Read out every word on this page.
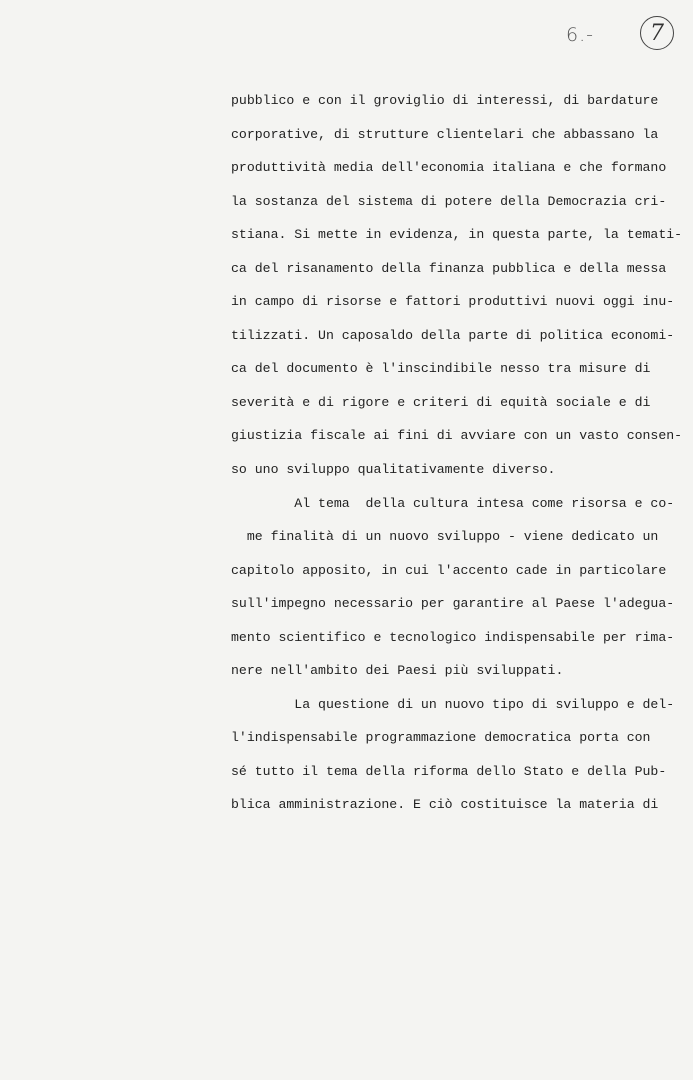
6.-	7
pubblico e con il groviglio di interessi, di bardature
corporative, di strutture clientelari che abbassano la
produttività media dell'economia italiana e che formano
la sostanza del sistema di potere della Democrazia cri-
stiana. Si mette in evidenza, in questa parte, la temati-
ca del risanamento della finanza pubblica e della messa
in campo di risorse e fattori produttivi nuovi oggi inu-
tilizzati. Un caposaldo della parte di politica economi-
ca del documento è l'inscindibile nesso tra misure di
severità e di rigore e criteri di equità sociale e di
giustizia fiscale ai fini di avviare con un vasto consen-
so uno sviluppo qualitativamente diverso.
Al tema  della cultura intesa come risorsa e co-
me finalità di un nuovo sviluppo - viene dedicato un
capitolo apposito, in cui l'accento cade in particolare
sull'impegno necessario per garantire al Paese l'adegua-
mento scientifico e tecnologico indispensabile per rima-
nere nell'ambito dei Paesi più sviluppati.
La questione di un nuovo tipo di sviluppo e del-
l'indispensabile programmazione democratica porta con
sé tutto il tema della riforma dello Stato e della Pub-
blica amministrazione. E ciò costituisce la materia di
